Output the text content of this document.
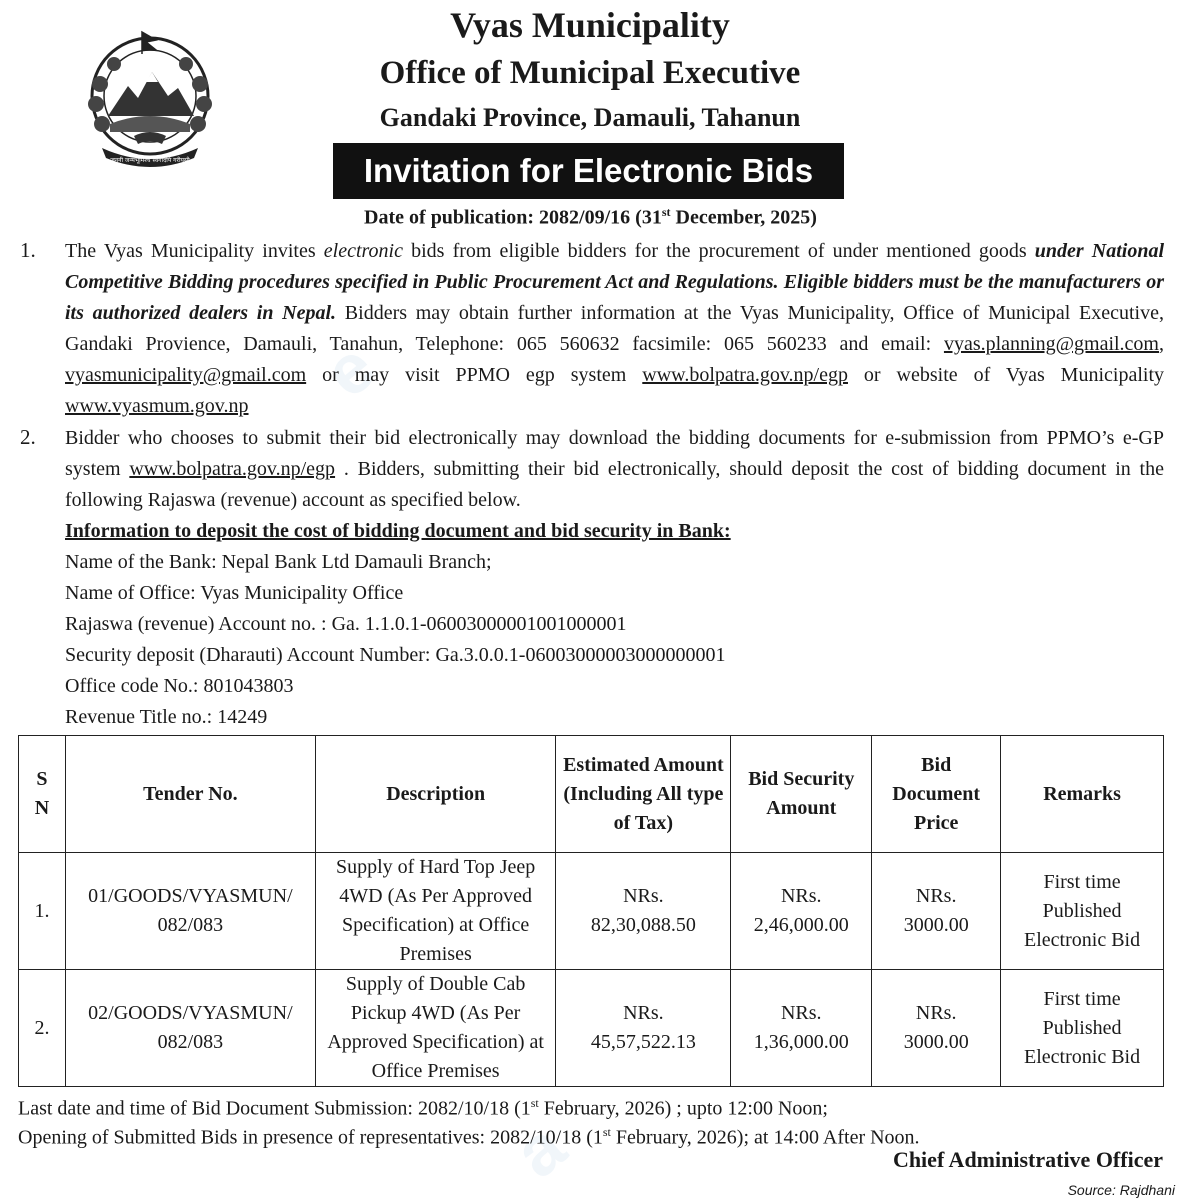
e
a
जननी जन्मभूमिश्च स्वर्गादपि गरीयसी
Vyas Municipality
Office of Municipal Executive
Gandaki Province, Damauli, Tahanun
Invitation for Electronic Bids
Date of publication: 2082/09/16 (31st December, 2025)
1. The Vyas Municipality invites electronic bids from eligible bidders for the procurement of under mentioned goods under National Competitive Bidding procedures specified in Public Procurement Act and Regulations. Eligible bidders must be the manufacturers or its authorized dealers in Nepal. Bidders may obtain further information at the Vyas Municipality, Office of Municipal Executive, Gandaki Provience, Damauli, Tanahun, Telephone: 065 560632 facsimile: 065 560233 and email: vyas.planning@gmail.com, vyasmunicipality@gmail.com or may visit PPMO egp system www.bolpatra.gov.np/egp or website of Vyas Municipality www.vyasmum.gov.np

2. Bidder who chooses to submit their bid electronically may download the bidding documents for e-submission from PPMO’s e-GP system www.bolpatra.gov.np/egp . Bidders, submitting their bid electronically, should deposit the cost of bidding document in the following Rajaswa (revenue) account as specified below.

Information to deposit the cost of bidding document and bid security in Bank:
Name of the Bank: Nepal Bank Ltd Damauli Branch;
Name of Office: Vyas Municipality Office
Rajaswa (revenue) Account no. : Ga. 1.1.0.1-06003000001001000001
Security deposit (Dharauti) Account Number: Ga.3.0.0.1-06003000003000000001
Office code No.: 801043803
Revenue Title no.: 14249
S N	Tender No.	Description	Estimated Amount (Including All type of Tax)	Bid Security Amount	Bid Document Price	Remarks
1.	01/GOODS/VYASMUN/ 082/083	Supply of Hard Top Jeep 4WD (As Per Approved Specification) at Office Premises	NRs. 82,30,088.50	NRs. 2,46,000.00	NRs. 3000.00	First time Published Electronic Bid
2.	02/GOODS/VYASMUN/ 082/083	Supply of Double Cab Pickup 4WD (As Per Approved Specification) at Office Premises	NRs. 45,57,522.13	NRs. 1,36,000.00	NRs. 3000.00	First time Published Electronic Bid
Last date and time of Bid Document Submission: 2082/10/18 (1st February, 2026) ; upto 12:00 Noon;
Opening of Submitted Bids in presence of representatives: 2082/10/18 (1st February, 2026); at 14:00 After Noon.
Chief Administrative Officer
Source: Rajdhani
